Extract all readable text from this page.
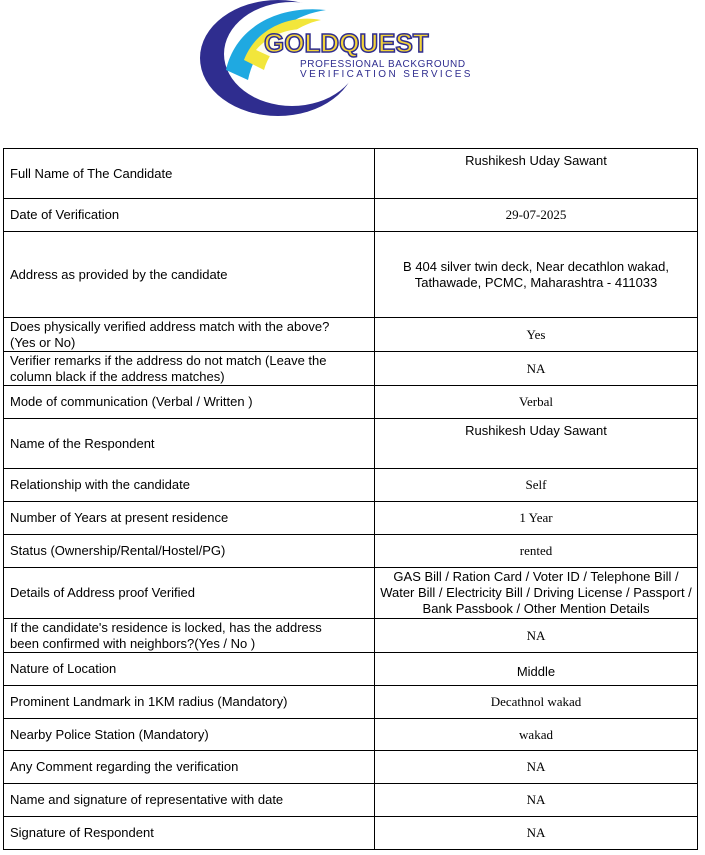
GOLDQUEST
PROFESSIONAL BACKGROUND
VERIFICATION SERVICES
Full Name of The Candidate	Rushikesh Uday Sawant
Date of Verification	29-07-2025
Address as provided by the candidate	B 404 silver twin deck, Near decathlon wakad,
Tathawade, PCMC, Maharashtra - 411033

Does physically verified address match with the above?
(Yes or No)	Yes

Verifier remarks if the address do not match (Leave the
column black if the address matches)	NA
Mode of communication (Verbal / Written )	Verbal
Name of the Respondent	Rushikesh Uday Sawant
Relationship with the candidate	Self
Number of Years at present residence	1 Year
Status (Ownership/Rental/Hostel/PG)	rented
Details of Address proof Verified	GAS Bill / Ration Card / Voter ID / Telephone Bill /
Water Bill / Electricity Bill / Driving License / Passport /
Bank Passbook / Other Mention Details

If the candidate's residence is locked, has the address
been confirmed with neighbors?(Yes / No )	NA
Nature of Location	Middle
Prominent Landmark in 1KM radius (Mandatory)	Decathnol wakad
Nearby Police Station (Mandatory)	wakad
Any Comment regarding the verification	NA
Name and signature of representative with date	NA
Signature of Respondent	NA
